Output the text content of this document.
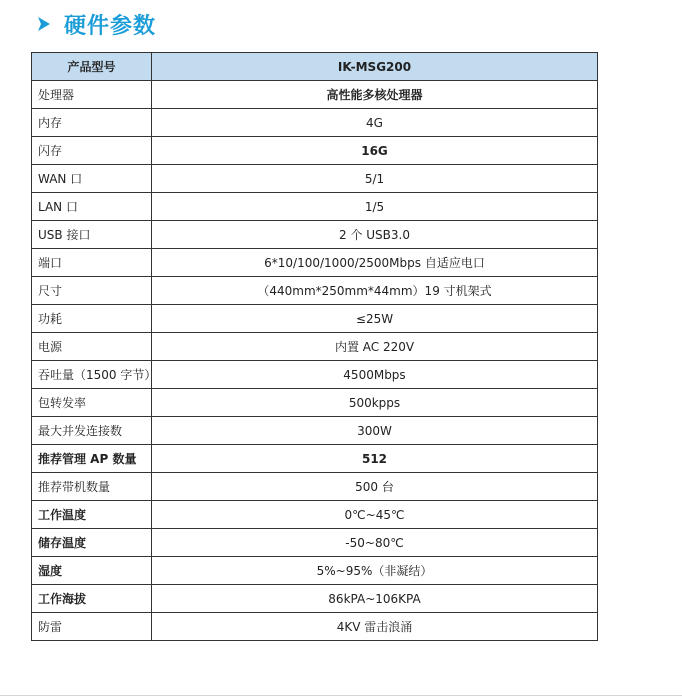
硬件参数
产品型号	IK-MSG200
处理器	高性能多核处理器
内存	4G
闪存	16G
WAN 口	5/1
LAN 口	1/5
USB 接口	2 个 USB3.0
端口	6*10/100/1000/2500Mbps 自适应电口
尺寸	（440mm*250mm*44mm）19 寸机架式
功耗	≤25W
电源	内置 AC 220V
吞吐量（1500 字节）	4500Mbps
包转发率	500kpps
最大并发连接数	300W
推荐管理 AP 数量	512
推荐带机数量	500 台
工作温度	0℃~45℃
储存温度	-50~80℃
湿度	5%~95%（非凝结）
工作海拔	86kPA~106KPA
防雷	4KV 雷击浪涌
